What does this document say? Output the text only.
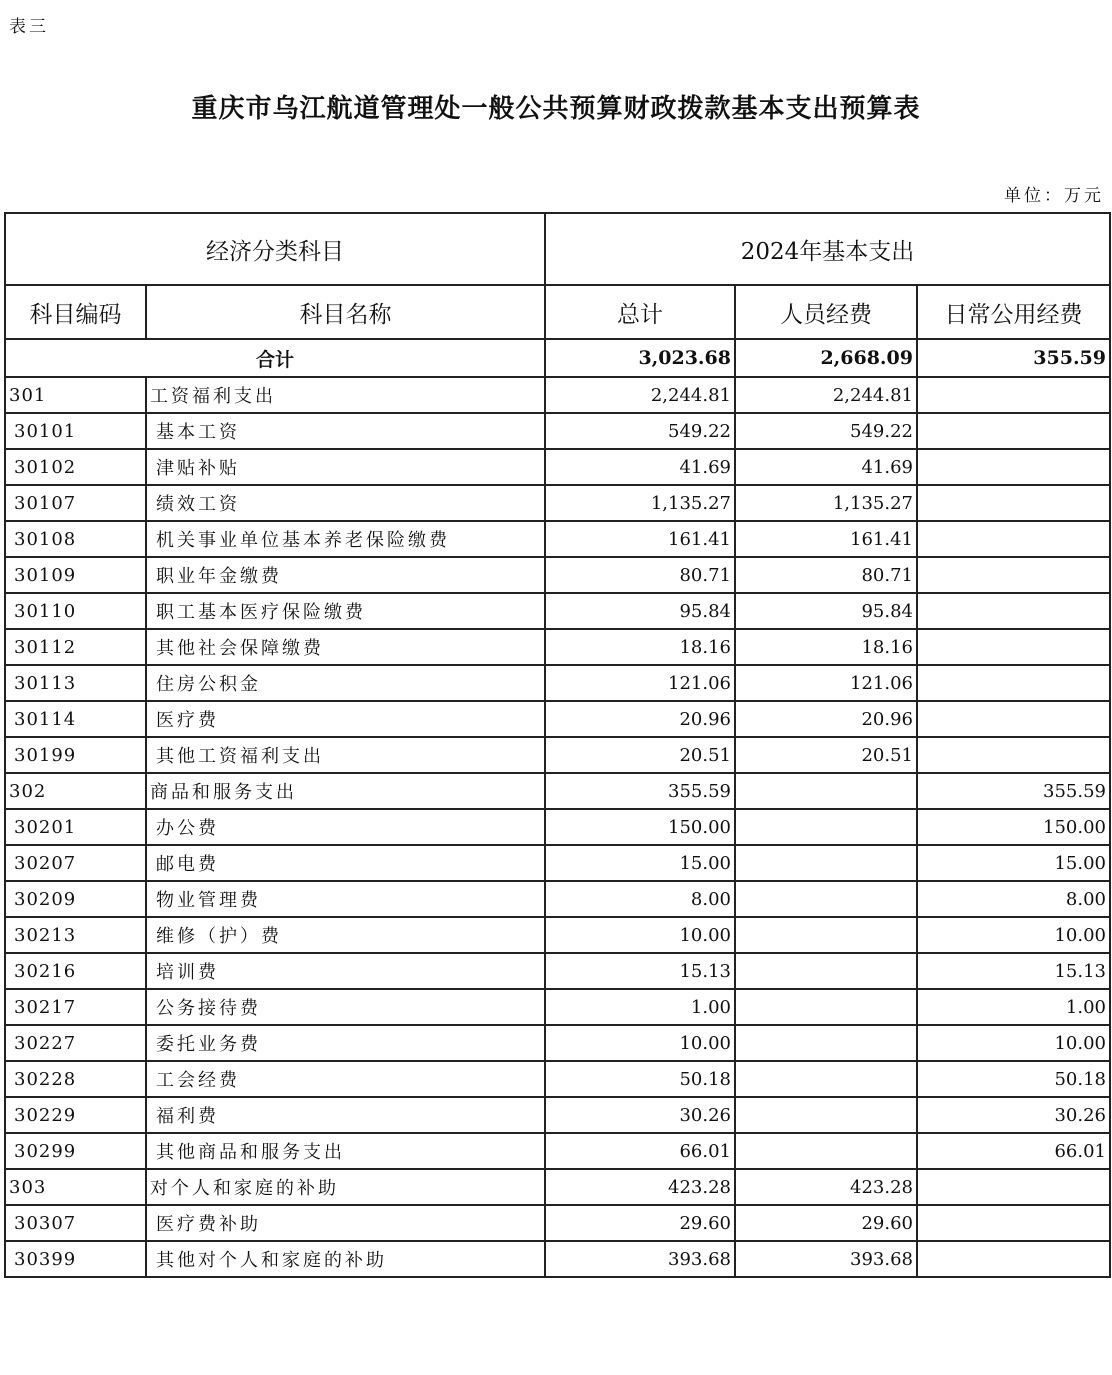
表三
重庆市乌江航道管理处一般公共预算财政拨款基本支出预算表
单位：万元
经济分类科目		2024年基本支出		
科目编码	科目名称	总计	人员经费	日常公用经费
合计		3,023.68	2,668.09	355.59
301	工资福利支出	2,244.81	2,244.81	
30101	基本工资	549.22	549.22	
30102	津贴补贴	41.69	41.69	
30107	绩效工资	1,135.27	1,135.27	
30108	机关事业单位基本养老保险缴费	161.41	161.41	
30109	职业年金缴费	80.71	80.71	
30110	职工基本医疗保险缴费	95.84	95.84	
30112	其他社会保障缴费	18.16	18.16	
30113	住房公积金	121.06	121.06	
30114	医疗费	20.96	20.96	
30199	其他工资福利支出	20.51	20.51	
302	商品和服务支出	355.59		355.59
30201	办公费	150.00		150.00
30207	邮电费	15.00		15.00
30209	物业管理费	8.00		8.00
30213	维修（护）费	10.00		10.00
30216	培训费	15.13		15.13
30217	公务接待费	1.00		1.00
30227	委托业务费	10.00		10.00
30228	工会经费	50.18		50.18
30229	福利费	30.26		30.26
30299	其他商品和服务支出	66.01		66.01
303	对个人和家庭的补助	423.28	423.28	
30307	医疗费补助	29.60	29.60	
30399	其他对个人和家庭的补助	393.68	393.68	
